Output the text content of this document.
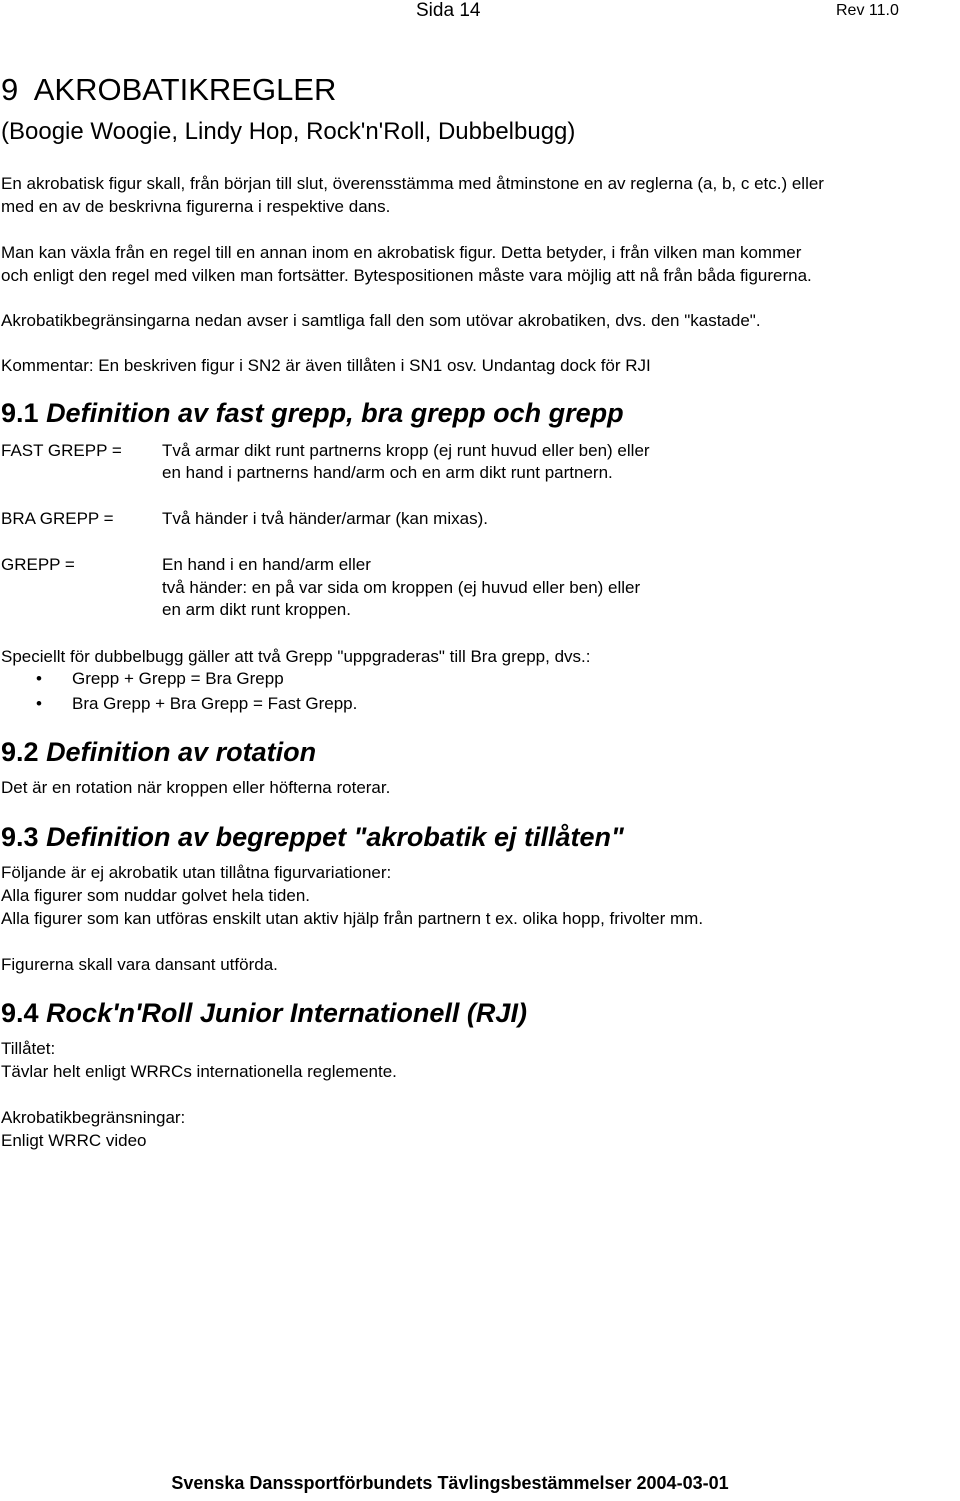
Sida 14	Rev 11.0
9  AKROBATIKREGLER
(Boogie Woogie, Lindy Hop, Rock'n'Roll, Dubbelbugg)
En akrobatisk figur skall, från början till slut, överensstämma med åtminstone en av reglerna (a, b, c etc.) eller
med en av de beskrivna figurerna i respektive dans.
Man kan växla från en regel till en annan inom en akrobatisk figur. Detta betyder, i från vilken man kommer
och enligt den regel med vilken man fortsätter. Bytespositionen måste vara möjlig att nå från båda figurerna.
Akrobatikbegränsingarna nedan avser i samtliga fall den som utövar akrobatiken, dvs. den "kastade".
Kommentar: En beskriven figur i SN2 är även tillåten i SN1 osv. Undantag dock för RJI
9.1 Definition av fast grepp, bra grepp och grepp
FAST GREPP = Två armar dikt runt partnerns kropp (ej runt huvud eller ben) eller
en hand i partnerns hand/arm och en arm dikt runt partnern.
BRA GREPP =	Två händer i två händer/armar (kan mixas).
GREPP =	En hand i en hand/arm eller
två händer: en på var sida om kroppen (ej huvud eller ben) eller
en arm dikt runt kroppen.
Speciellt för dubbelbugg gäller att två Grepp "uppgraderas" till Bra grepp, dvs.:
• Grepp + Grepp = Bra Grepp
• Bra Grepp + Bra Grepp = Fast Grepp.
9.2 Definition av rotation
Det är en rotation när kroppen eller höfterna roterar.
9.3 Definition av begreppet "akrobatik ej tillåten"
Följande är ej akrobatik utan tillåtna figurvariationer:
Alla figurer som nuddar golvet hela tiden.
Alla figurer som kan utföras enskilt utan aktiv hjälp från partnern t ex. olika hopp, frivolter mm.
Figurerna skall vara dansant utförda.
9.4 Rock'n'Roll Junior Internationell (RJI)
Tillåtet:
Tävlar helt enligt WRRCs internationella reglemente.
Akrobatikbegränsningar:
Enligt WRRC video
Svenska Danssportförbundets Tävlingsbestämmelser 2004-03-01
